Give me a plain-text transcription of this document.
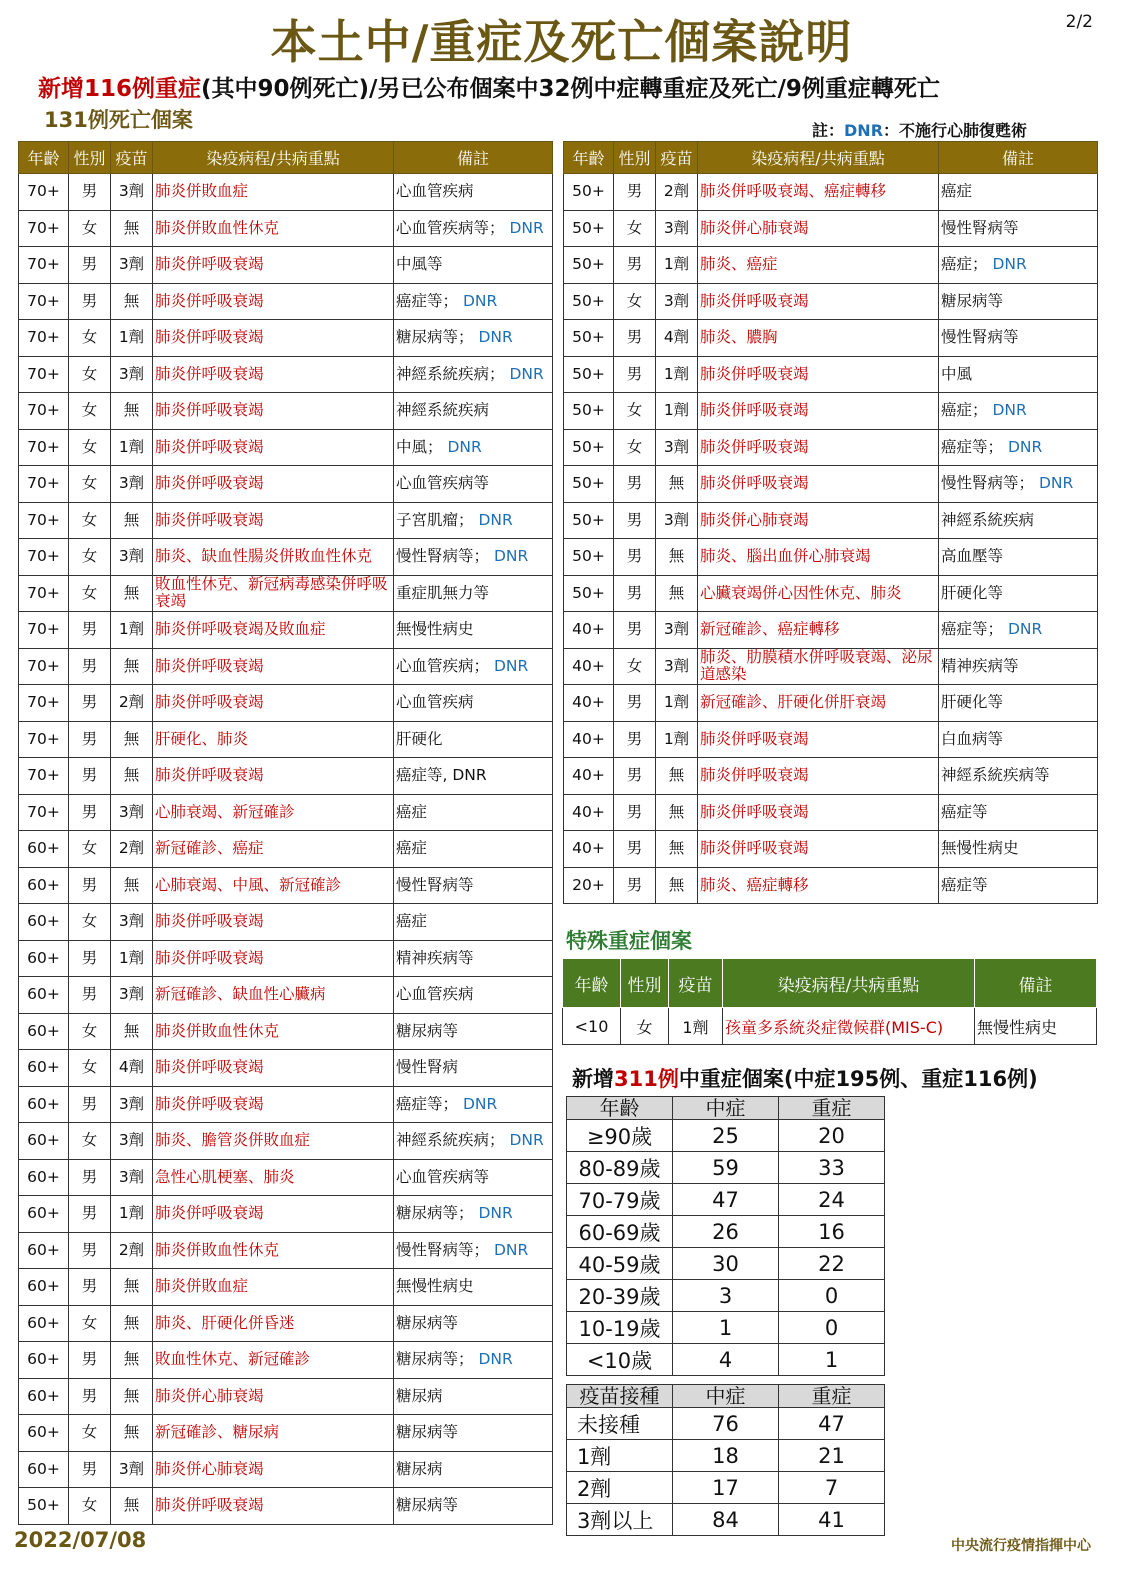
本土中/重症及死亡個案說明	2/2
新增116例重症(其中90例死亡)/另已公布個案中32例中症轉重症及死亡/9例重症轉死亡
131例死亡個案	註：DNR：不施行心肺復甦術
年齡	性別	疫苗	染疫病程/共病重點	備註
70+	男	3劑	肺炎併敗血症	心血管疾病
70+	女	無	肺炎併敗血性休克	心血管疾病等； DNR
70+	男	3劑	肺炎併呼吸衰竭	中風等
70+	男	無	肺炎併呼吸衰竭	癌症等； DNR
70+	女	1劑	肺炎併呼吸衰竭	糖尿病等； DNR
70+	女	3劑	肺炎併呼吸衰竭	神經系統疾病； DNR
70+	女	無	肺炎併呼吸衰竭	神經系統疾病
70+	女	1劑	肺炎併呼吸衰竭	中風； DNR
70+	女	3劑	肺炎併呼吸衰竭	心血管疾病等
70+	女	無	肺炎併呼吸衰竭	子宮肌瘤； DNR
70+	女	3劑	肺炎、缺血性腸炎併敗血性休克	慢性腎病等； DNR
70+	女	無	敗血性休克、新冠病毒感染併呼吸衰竭	重症肌無力等
70+	男	1劑	肺炎併呼吸衰竭及敗血症	無慢性病史
70+	男	無	肺炎併呼吸衰竭	心血管疾病； DNR
70+	男	2劑	肺炎併呼吸衰竭	心血管疾病
70+	男	無	肝硬化、肺炎	肝硬化
70+	男	無	肺炎併呼吸衰竭	癌症等, DNR
70+	男	3劑	心肺衰竭、新冠確診	癌症
60+	女	2劑	新冠確診、癌症	癌症
60+	男	無	心肺衰竭、中風、新冠確診	慢性腎病等
60+	女	3劑	肺炎併呼吸衰竭	癌症
60+	男	1劑	肺炎併呼吸衰竭	精神疾病等
60+	男	3劑	新冠確診、缺血性心臟病	心血管疾病
60+	女	無	肺炎併敗血性休克	糖尿病等
60+	女	4劑	肺炎併呼吸衰竭	慢性腎病
60+	男	3劑	肺炎併呼吸衰竭	癌症等； DNR
60+	女	3劑	肺炎、膽管炎併敗血症	神經系統疾病； DNR
60+	男	3劑	急性心肌梗塞、肺炎	心血管疾病等
60+	男	1劑	肺炎併呼吸衰竭	糖尿病等； DNR
60+	男	2劑	肺炎併敗血性休克	慢性腎病等； DNR
60+	男	無	肺炎併敗血症	無慢性病史
60+	女	無	肺炎、肝硬化併昏迷	糖尿病等
60+	男	無	敗血性休克、新冠確診	糖尿病等； DNR
60+	男	無	肺炎併心肺衰竭	糖尿病
60+	女	無	新冠確診、糖尿病	糖尿病等
60+	男	3劑	肺炎併心肺衰竭	糖尿病
50+	女	無	肺炎併呼吸衰竭	糖尿病等
年齡	性別	疫苗	染疫病程/共病重點	備註
50+	男	2劑	肺炎併呼吸衰竭、癌症轉移	癌症
50+	女	3劑	肺炎併心肺衰竭	慢性腎病等
50+	男	1劑	肺炎、癌症	癌症； DNR
50+	女	3劑	肺炎併呼吸衰竭	糖尿病等
50+	男	4劑	肺炎、膿胸	慢性腎病等
50+	男	1劑	肺炎併呼吸衰竭	中風
50+	女	1劑	肺炎併呼吸衰竭	癌症； DNR
50+	女	3劑	肺炎併呼吸衰竭	癌症等； DNR
50+	男	無	肺炎併呼吸衰竭	慢性腎病等； DNR
50+	男	3劑	肺炎併心肺衰竭	神經系統疾病
50+	男	無	肺炎、腦出血併心肺衰竭	高血壓等
50+	男	無	心臟衰竭併心因性休克、肺炎	肝硬化等
40+	男	3劑	新冠確診、癌症轉移	癌症等； DNR
40+	女	3劑	肺炎、肋膜積水併呼吸衰竭、泌尿道感染	精神疾病等
40+	男	1劑	新冠確診、肝硬化併肝衰竭	肝硬化等
40+	男	1劑	肺炎併呼吸衰竭	白血病等
40+	男	無	肺炎併呼吸衰竭	神經系統疾病等
40+	男	無	肺炎併呼吸衰竭	癌症等
40+	男	無	肺炎併呼吸衰竭	無慢性病史
20+	男	無	肺炎、癌症轉移	癌症等
特殊重症個案
年齡	性別	疫苗	染疫病程/共病重點	備註
<10	女	1劑	孩童多系統炎症徵候群(MIS-C)	無慢性病史
新增311例中重症個案(中症195例、重症116例)
年齡	中症	重症
≥90歲	25	20
80-89歲	59	33
70-79歲	47	24
60-69歲	26	16
40-59歲	30	22
20-39歲	3	0
10-19歲	1	0
<10歲	4	1
疫苗接種	中症	重症
未接種	76	47
1劑	18	21
2劑	17	7
3劑以上	84	41
2022/07/08	中央流行疫情指揮中心
